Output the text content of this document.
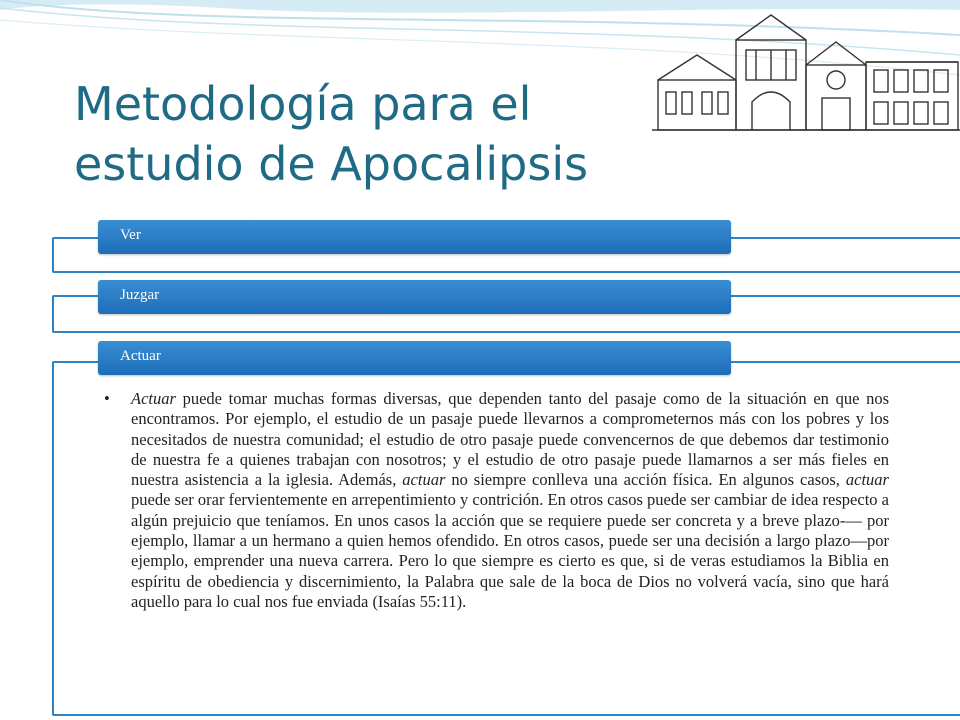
Metodología para el
estudio de Apocalipsis
Ver
Juzgar
Actuar
• Actuar puede tomar muchas formas diversas, que dependen tanto del pasaje como de la situación en que nos encontramos. Por ejemplo, el estudio de un pasaje puede llevarnos a comprometernos más con los pobres y los necesitados de nuestra comunidad; el estudio de otro pasaje puede convencernos de que debemos dar testimonio de nuestra fe a quienes trabajan con nosotros; y el estudio de otro pasaje puede llamarnos a ser más fieles en nuestra asistencia a la iglesia. Además, actuar no siempre conlleva una acción física. En algunos casos, actuar puede ser orar fervientemente en arrepentimiento y contrición. En otros casos puede ser cambiar de idea respecto a algún prejuicio que teníamos. En unos casos la acción que se requiere puede ser concreta y a breve plazo-— por ejemplo, llamar a un hermano a quien hemos ofendido. En otros casos, puede ser una decisión a largo plazo—por ejemplo, emprender una nueva carrera. Pero lo que siempre es cierto es que, si de veras estudiamos la Biblia en espíritu de obediencia y discernimiento, la Palabra que sale de la boca de Dios no volverá vacía, sino que hará aquello para lo cual nos fue enviada (Isaías 55:11).
